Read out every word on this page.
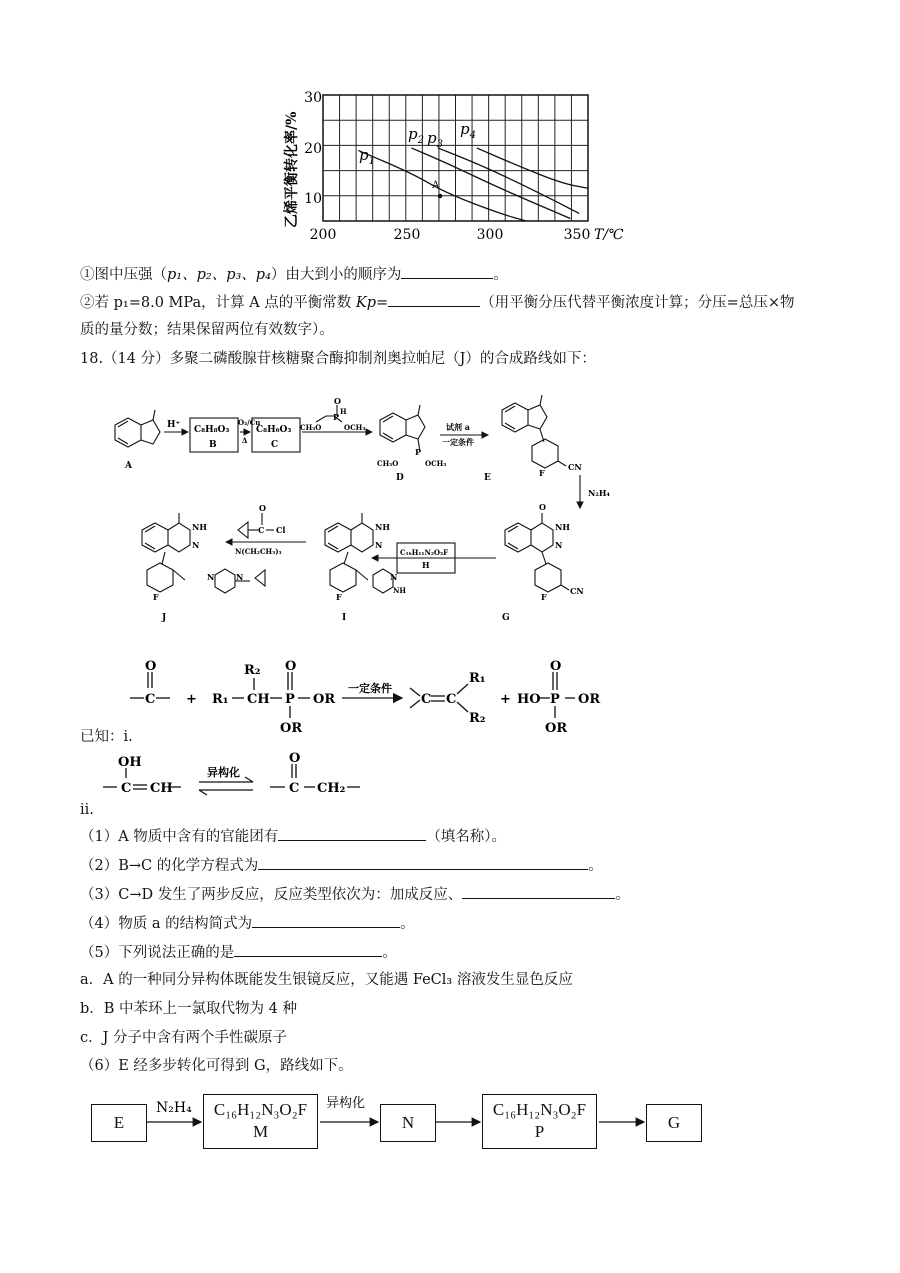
A
$p_1$
$p_2$ $p_3$
$p_4$
30
20
10
200	250	300	350 T/℃
乙烯平衡转化率/%
①图中压强（p₁、p₂、p₃、p₄）由大到小的顺序为	。
②若 p₁=8.0 MPa，计算 A 点的平衡常数 Kp=	（用平衡分压代替平衡浓度计算；分压=总压×物
质的量分数；结果保留两位有效数字）。
18.（14 分）多聚二磷酸腺苷核糖聚合酶抑制剂奥拉帕尼（J）的合成路线如下：
H⁺ C₈H₈O₃
B
O₂/Cu
Δ
C₈H₆O₃
C
O
P
H
CH₃O	OCH₃
A
P
CH₃O	OCH₃
D
试剂 a
一定条件
F
CN
E
N₂H₄
O
NH
N
F
CN
G
C₁₆H₁₁N₂O₃F
H
NH
N
F
N
NH
I
O
C Cl
N(CH₂CH₃)₃
NH
N
F
N	N
J
O
C +
R₂
R₁ CH P
O
OR
OR
一定条件
C C
R₁
R₂
+ HO P
O
OR
OR
已知：i.
OH
C CH
异构化
O
C CH₂
ii.
（1）A 物质中含有的官能团有	（填名称）。
（2）B→C 的化学方程式为	。
（3）C→D 发生了两步反应，反应类型依次为：加成反应、	。
（4）物质 a 的结构简式为	。
（5）下列说法正确的是	。
a．A 的一种同分异构体既能发生银镜反应，又能遇 FeCl₃ 溶液发生显色反应
b．B 中苯环上一氯取代物为 4 种
c．J 分子中含有两个手性碳原子
（6）E 经多步转化可得到 G，路线如下。
E
C₁₆H₁₂N₃O₂F
M	N
C₁₆H₁₂N₃O₂F
P	G
N₂H₄	异构化
